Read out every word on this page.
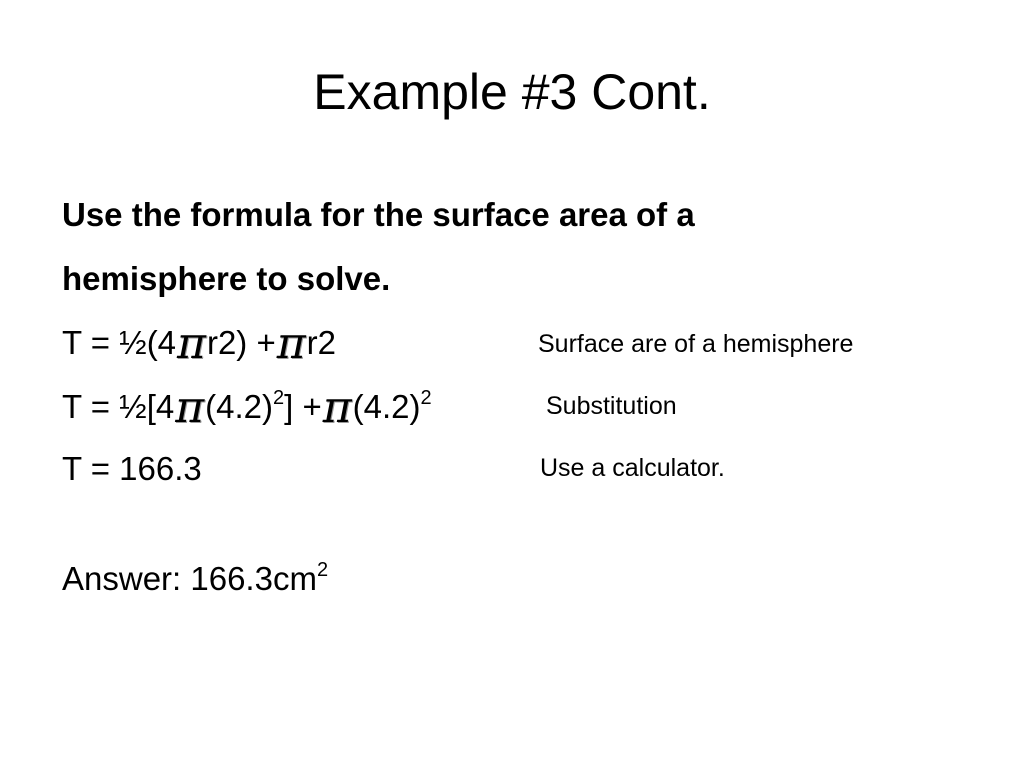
Example #3 Cont.
Use the formula for the surface area of a
hemisphere to solve.
T = ½(4πr2) +πr2	Surface are of a hemisphere
$T = \frac{1}{2}[4\pi(4.2)^2] +\pi(4.2)^2$	Substitution
T = 166.3	Use a calculator.
Answer: $166.3cm^2$
